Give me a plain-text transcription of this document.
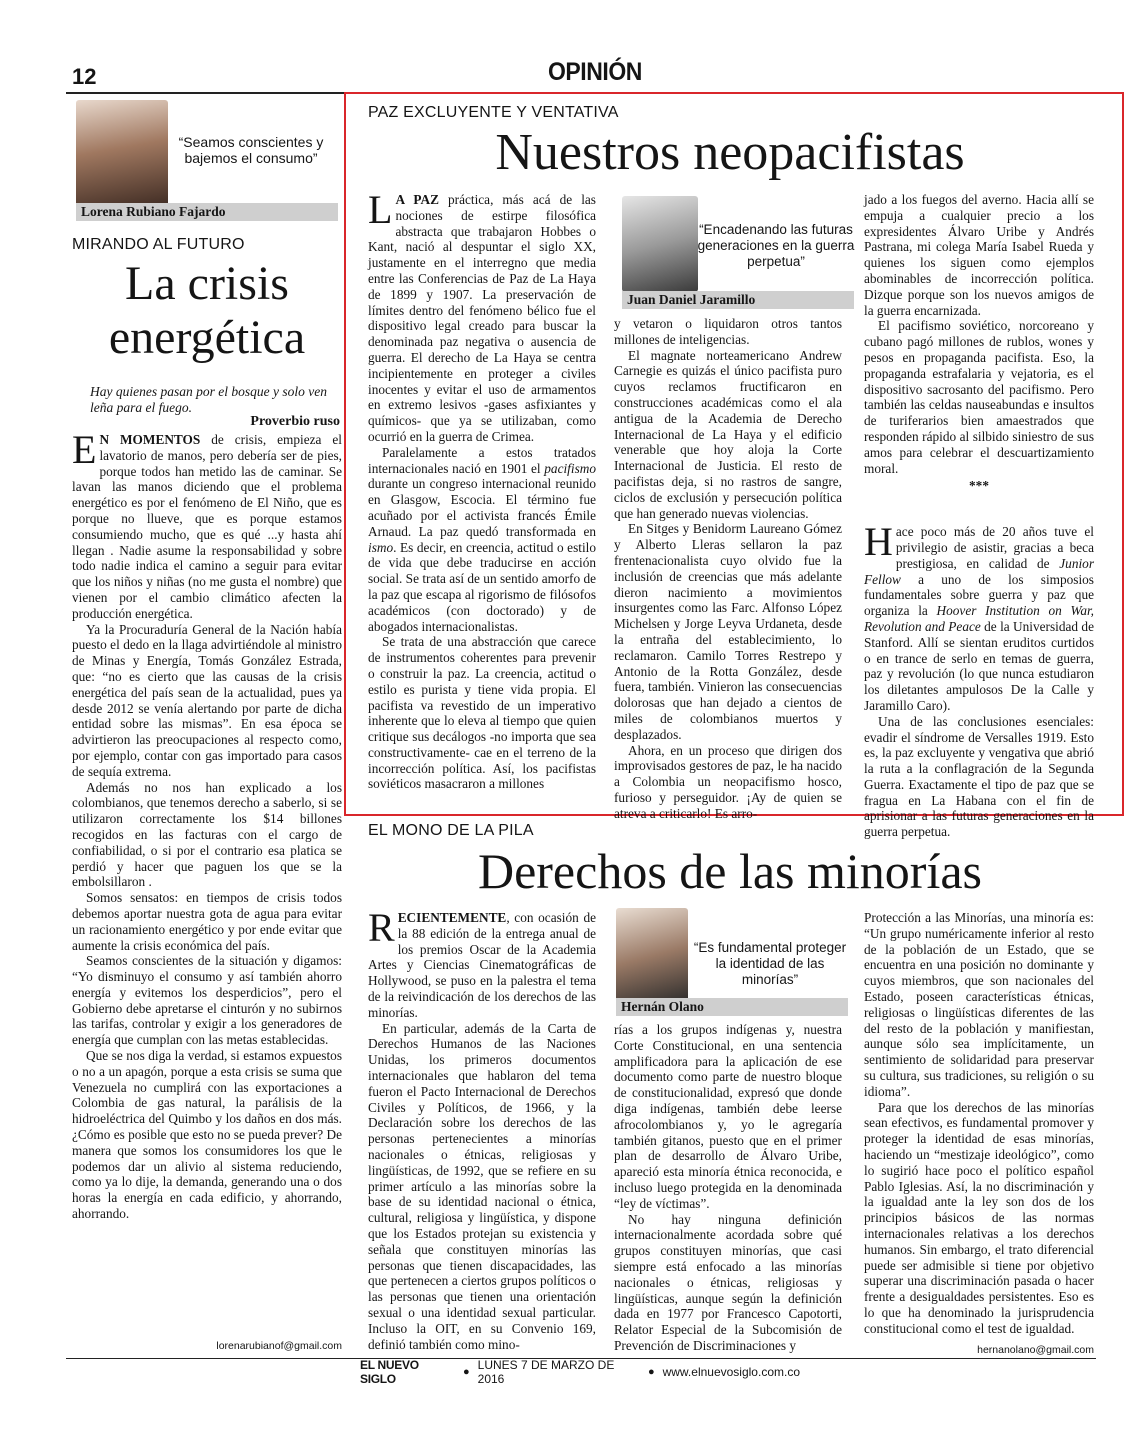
12	OPINIÓN
“Seamos conscientes y bajemos el consumo”
Lorena Rubiano Fajardo
MIRANDO AL FUTURO
La crisis
energética
Hay quienes pasan por el bosque y solo ven leña para el fuego.
Proverbio ruso

E N MOMENTOS de crisis, empieza el lavatorio de manos, pero debería ser de pies, porque todos han metido las de caminar. Se lavan las manos diciendo que el problema energético es por el fenómeno de El Niño, que es porque no llueve, que es porque estamos consumiendo mucho, que es qué ...y hasta ahí llegan . Nadie asume la responsabilidad y sobre todo nadie indica el camino a seguir para evitar que los niños y niñas (no me gusta el nombre) que vienen por el cambio climático afecten la producción energética.

Ya la Procuraduría General de la Nación había puesto el dedo en la llaga advirtiéndole al ministro de Minas y Energía, Tomás González Estrada, que: “no es cierto que las causas de la crisis energética del país sean de la actualidad, pues ya desde 2012 se venía alertando por parte de dicha entidad sobre las mismas”. En esa época se advirtieron las preocupaciones al respecto como, por ejemplo, contar con gas importado para casos de sequía extrema.

Además no nos han explicado a los colombianos, que tenemos derecho a saberlo, si se utilizaron correctamente los $14 billones recogidos en las facturas con el cargo de confiabilidad, o si por el contrario esa platica se perdió y hacer que paguen los que se la embolsillaron .

Somos sensatos: en tiempos de crisis todos debemos aportar nuestra gota de agua para evitar un racionamiento energético y por ende evitar que aumente la crisis económica del país.

Seamos conscientes de la situación y digamos: “Yo disminuyo el consumo y así también ahorro energía y evitemos los desperdicios”, pero el Gobierno debe apretarse el cinturón y no subirnos las tarifas, controlar y exigir a los generadores de energía que cumplan con las metas establecidas.

Que se nos diga la verdad, si estamos expuestos o no a un apagón, porque a esta crisis se suma que Venezuela no cumplirá con las exportaciones a Colombia de gas natural, la parálisis de la hidroeléctrica del Quimbo y los daños en dos más. ¿Cómo es posible que esto no se pueda prever? De manera que somos los consumidores los que le podemos dar un alivio al sistema reduciendo, como ya lo dije, la demanda, generando una o dos horas la energía en cada edificio, y ahorrando, ahorrando.

lorenarubianof@gmail.com
PAZ EXCLUYENTE Y VENTATIVA
Nuestros neopacifistas

L A PAZ práctica, más acá de las nociones de estirpe filosófica abstracta que trabajaron Hobbes o Kant, nació al despuntar el siglo XX, justamente en el interregno que media entre las Conferencias de Paz de La Haya de 1899 y 1907. La preservación de límites dentro del fenómeno bélico fue el dispositivo legal creado para buscar la denominada paz negativa o ausencia de guerra. El derecho de La Haya se centra incipientemente en proteger a civiles inocentes y evitar el uso de armamentos en extremo lesivos -gases asfixiantes y químicos- que ya se utilizaban, como ocurrió en la guerra de Crimea.

Paralelamente a estos tratados internacionales nació en 1901 el pacifismo durante un congreso internacional reunido en Glasgow, Escocia. El término fue acuñado por el activista francés Émile Arnaud. La paz quedó transformada en ismo. Es decir, en creencia, actitud o estilo de vida que debe traducirse en acción social. Se trata así de un sentido amorfo de la paz que escapa al rigorismo de filósofos académicos (con doctorado) y de abogados internacionalistas.

Se trata de una abstracción que carece de instrumentos coherentes para prevenir o construir la paz. La creencia, actitud o estilo es purista y tiene vida propia. El pacifista va revestido de un imperativo inherente que lo eleva al tiempo que quien critique sus decálogos -no importa que sea constructivamente- cae en el terreno de la incorrección política. Así, los pacifistas soviéticos masacraron a millones

“Encadenando las futuras generaciones en la guerra perpetua”
Juan Daniel Jaramillo

y vetaron o liquidaron otros tantos millones de inteligencias.

El magnate norteamericano Andrew Carnegie es quizás el único pacifista puro cuyos reclamos fructificaron en construcciones académicas como el ala antigua de la Academia de Derecho Internacional de La Haya y el edificio venerable que hoy aloja la Corte Internacional de Justicia. El resto de pacifistas deja, si no rastros de sangre, ciclos de exclusión y persecución política que han generado nuevas violencias.

En Sitges y Benidorm Laureano Gómez y Alberto Lleras sellaron la paz frentenacionalista cuyo olvido fue la inclusión de creencias que más adelante dieron nacimiento a movimientos insurgentes como las Farc. Alfonso López Michelsen y Jorge Leyva Urdaneta, desde la entraña del establecimiento, lo reclamaron. Camilo Torres Restrepo y Antonio de la Rotta González, desde fuera, también. Vinieron las consecuencias dolorosas que han dejado a cientos de miles de colombianos muertos y desplazados.

Ahora, en un proceso que dirigen dos improvisados gestores de paz, le ha nacido a Colombia un neopacifismo hosco, furioso y perseguidor. ¡Ay de quien se atreva a criticarlo! Es arro-

jado a los fuegos del averno. Hacia allí se empuja a cualquier precio a los expresidentes Álvaro Uribe y Andrés Pastrana, mi colega María Isabel Rueda y quienes los siguen como ejemplos abominables de incorrección política. Dizque porque son los nuevos amigos de la guerra encarnizada.

El pacifismo soviético, norcoreano y cubano pagó millones de rublos, wones y pesos en propaganda pacifista. Eso, la propaganda estrafalaria y vejatoria, es el dispositivo sacrosanto del pacifismo. Pero también las celdas nauseabundas e insultos de turiferarios bien amaestrados que responden rápido al silbido siniestro de sus amos para celebrar el descuartizamiento moral.

***

Hace poco más de 20 años tuve el privilegio de asistir, gracias a beca prestigiosa, en calidad de Junior Fellow a uno de los simposios fundamentales sobre guerra y paz que organiza la Hoover Institution on War, Revolution and Peace de la Universidad de Stanford. Allí se sientan eruditos curtidos o en trance de serlo en temas de guerra, paz y revolución (lo que nunca estudiaron los diletantes ampulosos De la Calle y Jaramillo Caro).

Una de las conclusiones esenciales: evadir el síndrome de Versalles 1919. Esto es, la paz excluyente y vengativa que abrió la ruta a la conflagración de la Segunda Guerra. Exactamente el tipo de paz que se fragua en La Habana con el fin de aprisionar a las futuras generaciones en la guerra perpetua.

EL MONO DE LA PILA
Derechos de las minorías

RECIENTEMENTE, con ocasión de la 88 edición de la entrega anual de los premios Oscar de la Academia Artes y Ciencias Cinematográficas de Hollywood, se puso en la palestra el tema de la reivindicación de los derechos de las minorías.

En particular, además de la Carta de Derechos Humanos de las Naciones Unidas, los primeros documentos internacionales que hablaron del tema fueron el Pacto Internacional de Derechos Civiles y Políticos, de 1966, y la Declaración sobre los derechos de las personas pertenecientes a minorías nacionales o étnicas, religiosas y lingüísticas, de 1992, que se refiere en su primer artículo a las minorías sobre la base de su identidad nacional o étnica, cultural, religiosa y lingüística, y dispone que los Estados protejan su existencia y señala que constituyen minorías las personas que tienen discapacidades, las que pertenecen a ciertos grupos políticos o las personas que tienen una orientación sexual o una identidad sexual particular. Incluso la OIT, en su Convenio 169, definió también como mino-

“Es fundamental proteger la identidad de las minorías”
Hernán Olano

rías a los grupos indígenas y, nuestra Corte Constitucional, en una sentencia amplificadora para la aplicación de ese documento como parte de nuestro bloque de constitucionalidad, expresó que donde diga indígenas, también debe leerse afrocolombianos y, yo le agregaría también gitanos, puesto que en el primer plan de desarrollo de Álvaro Uribe, apareció esta minoría étnica reconocida, e incluso luego protegida en la denominada “ley de víctimas”.

No hay ninguna definición internacionalmente acordada sobre qué grupos constituyen minorías, que casi siempre está enfocado a las minorías nacionales o étnicas, religiosas y lingüísticas, aunque según la definición dada en 1977 por Francesco Capotorti, Relator Especial de la Subcomisión de Prevención de Discriminaciones y

Protección a las Minorías, una minoría es: “Un grupo numéricamente inferior al resto de la población de un Estado, que se encuentra en una posición no dominante y cuyos miembros, que son nacionales del Estado, poseen características étnicas, religiosas o lingüísticas diferentes de las del resto de la población y manifiestan, aunque sólo sea implícitamente, un sentimiento de solidaridad para preservar su cultura, sus tradiciones, su religión o su idioma”.

Para que los derechos de las minorías sean efectivos, es fundamental promover y proteger la identidad de esas minorías, haciendo un “mestizaje ideológico”, como lo sugirió hace poco el político español Pablo Iglesias. Así, la no discriminación y la igualdad ante la ley son dos de los principios básicos de las normas internacionales relativas a los derechos humanos. Sin embargo, el trato diferencial puede ser admisible si tiene por objetivo superar una discriminación pasada o hacer frente a desigualdades persistentes. Eso es lo que ha denominado la jurisprudencia constitucional como el test de igualdad.

hernanolano@gmail.com
EL NUEVO SIGLO	● LUNES 7 DE MARZO DE 2016	● www.elnuevosiglo.com.co
